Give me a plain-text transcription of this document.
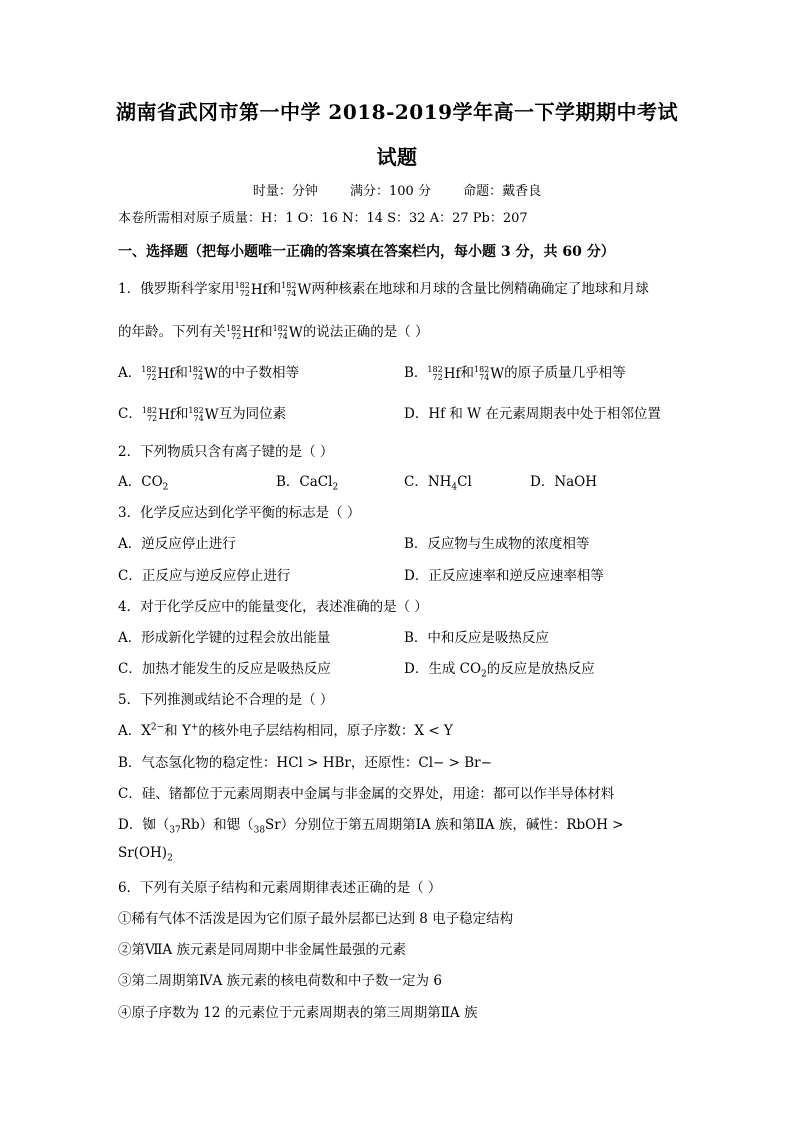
湖南省武冈市第一中学 2018-2019学年高一下学期期中考试
试题
时量：分钟 满分：100 分 命题：戴香良
本卷所需相对原子质量：H：1 O：16 N：14 S：32 A：27 Pb：207
一、选择题（把每小题唯一正确的答案填在答案栏内，每小题 3 分，共 60 分）
1．俄罗斯科学家用 182
72 Hf 和 182
74 W 两种核素在地球和月球的含量比例精确确定了地球和月球
的年龄。下列有关 182
72 Hf 和 182
74 W 的说法正确的是（ ）
A． 182
72 Hf 和 182
74 W 的中子数相等	B． 182
72 Hf 和 182
74 W 的原子质量几乎相等
C． 182
72 Hf 和 182
74 W 互为同位素	D．Hf 和 W 在元素周期表中处于相邻位置
2．下列物质只含有离子键的是（ ）
A．$CO_2$	B．CaCl$_2$	C．$NH_4Cl$	D．NaOH
3．化学反应达到化学平衡的标志是（ ）
A．逆反应停止进行	B．反应物与生成物的浓度相等
C．正反应与逆反应停止进行	D．正反应速率和逆反应速率相等
4．对于化学反应中的能量变化，表述准确的是（ ）
A．形成新化学键的过程会放出能量	B．中和反应是吸热反应
C．加热才能发生的反应是吸热反应	D．生成 $CO_2$的反应是放热反应
5．下列推测或结论不合理的是（ ）
A．$X^{2-}$和 Y+的核外电子层结构相同，原子序数：X < Y
B．气态氢化物的稳定性：HCl > HBr，还原性：Cl− > Br−
C．硅、锗都位于元素周期表中金属与非金属的交界处，用途：都可以作半导体材料
D．铷$(_{37}Rb)$和锶$(_{38}Sr)$分别位于第五周期第ⅠA 族和第ⅡA 族，碱性：RbOH >
$Sr(OH)_2$
6．下列有关原子结构和元素周期律表述正确的是（ ）
①稀有气体不活泼是因为它们原子最外层都已达到 8 电子稳定结构
②第ⅦA 族元素是同周期中非金属性最强的元素
③第二周期第ⅣA 族元素的核电荷数和中子数一定为 6
④原子序数为 12 的元素位于元素周期表的第三周期第ⅡA 族
